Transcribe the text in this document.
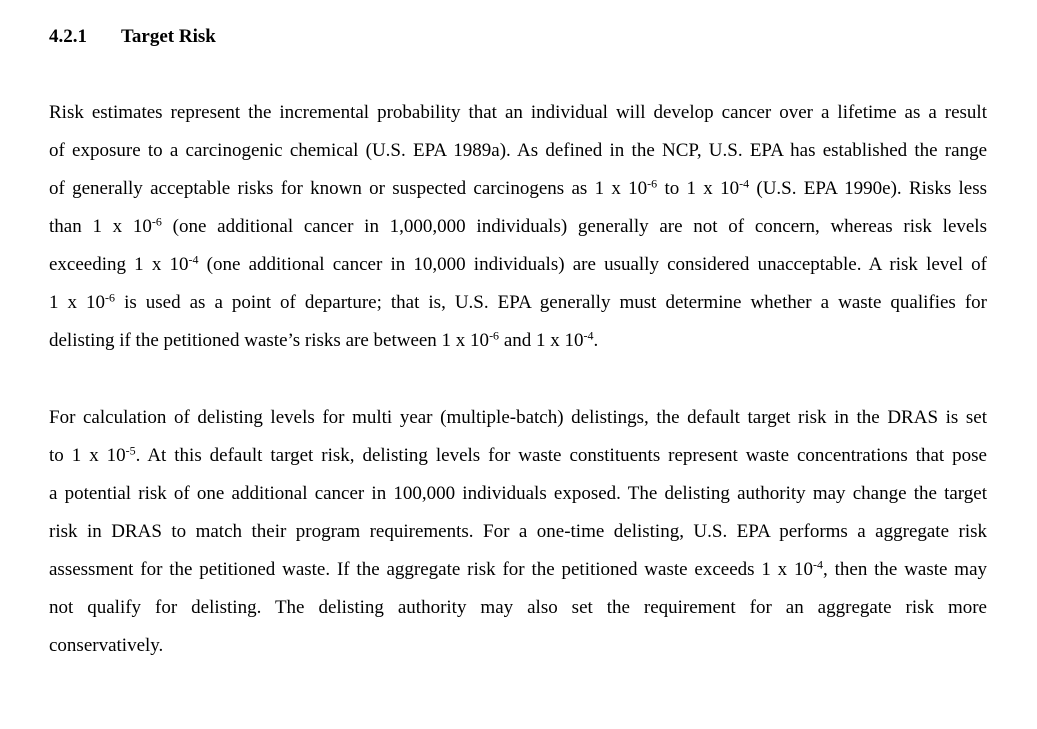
4.2.1 Target Risk
Risk estimates represent the incremental probability that an individual will develop cancer over a lifetime as a result
of exposure to a carcinogenic chemical (U.S. EPA 1989a). As defined in the NCP, U.S. EPA has established the range
of generally acceptable risks for known or suspected carcinogens as 1 x $10^{-6}$ to 1 x $10^{-4}$ (U.S. EPA 1990e). Risks less
than 1 x $10^{-6}$ (one additional cancer in 1,000,000 individuals) generally are not of concern, whereas risk levels
exceeding 1 x $10^{-4}$ (one additional cancer in 10,000 individuals) are usually considered unacceptable. A risk level of
1 x $10^{-6}$ is used as a point of departure; that is, U.S. EPA generally must determine whether a waste qualifies for
delisting if the petitioned waste’s risks are between 1 x $10^{-6}$ and 1 x $10^{-4}$.
For calculation of delisting levels for multi year (multiple-batch) delistings, the default target risk in the DRAS is set
to 1 x $10^{-5}$. At this default target risk, delisting levels for waste constituents represent waste concentrations that pose
a potential risk of one additional cancer in 100,000 individuals exposed. The delisting authority may change the target
risk in DRAS to match their program requirements. For a one-time delisting, U.S. EPA performs a aggregate risk
assessment for the petitioned waste. If the aggregate risk for the petitioned waste exceeds 1 x $10^{-4}$, then the waste may
not qualify for delisting. The delisting authority may also set the requirement for an aggregate risk more
conservatively.
